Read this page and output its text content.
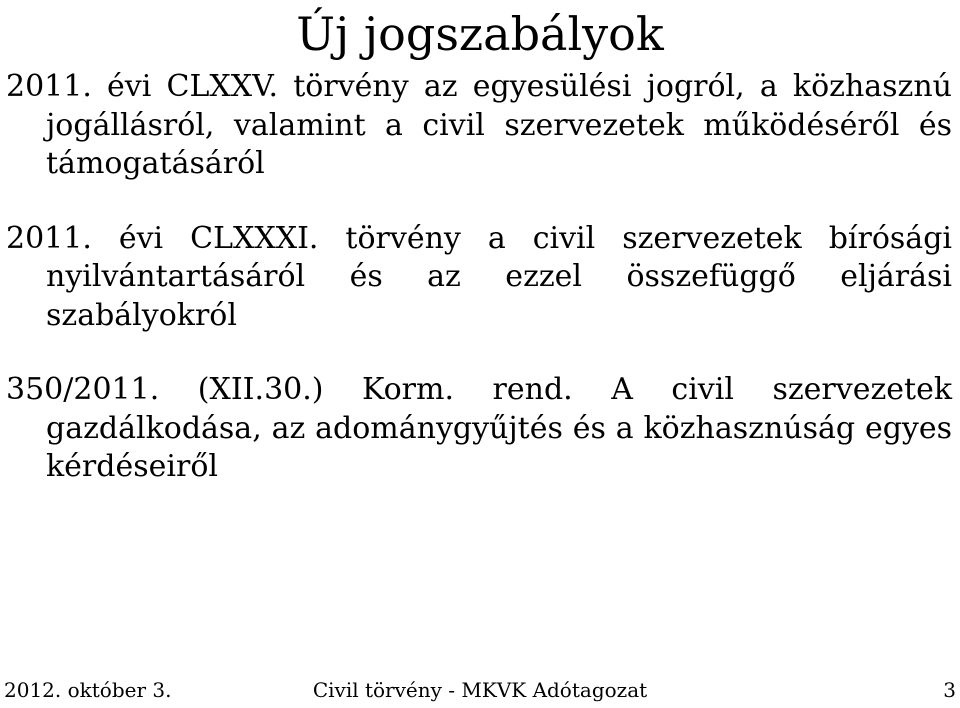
Új jogszabályok

2011. évi CLXXV. törvény az egyesülési jogról, a közhasznú jogállásról, valamint a civil szervezetek működéséről és támogatásáról

2011. évi CLXXXI. törvény a civil szervezetek bírósági nyilvántartásáról és az ezzel összefüggő eljárási szabályokról

350/2011. (XII.30.) Korm. rend. A civil szervezetek gazdálkodása, az adománygyűjtés és a közhasznúság egyes kérdéseiről

Civil törvény - MKVK Adótagozat
2012. október 3.	3
